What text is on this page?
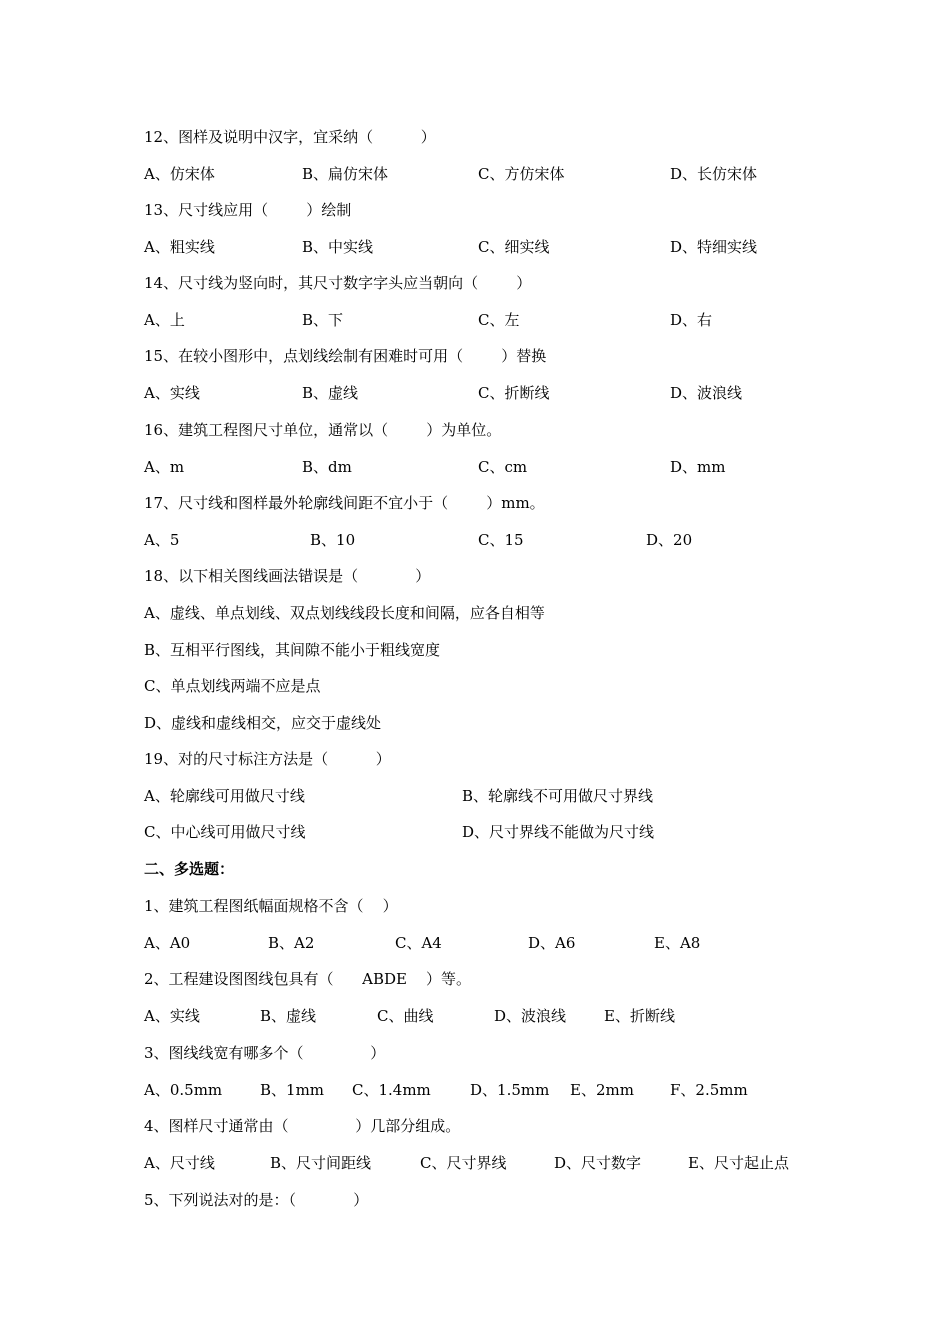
12、图样及说明中汉字，宜采纳（          ）
A、仿宋体	B、扁仿宋体	C、方仿宋体	D、长仿宋体
13、尺寸线应用（        ）绘制
A、粗实线	B、中实线	C、细实线	D、特细实线
14、尺寸线为竖向时，其尺寸数字字头应当朝向（        ）
A、上	B、下	C、左	D、右
15、在较小图形中，点划线绘制有困难时可用（        ）替换
A、实线	B、虚线	C、折断线	D、波浪线
16、建筑工程图尺寸单位，通常以（        ）为单位。
A、m	B、dm	C、cm	D、mm
17、尺寸线和图样最外轮廓线间距不宜小于（        ）mm。
A、5	B、10	C、15	D、20
18、以下相关图线画法错误是（            ）
A、虚线、单点划线、双点划线线段长度和间隔，应各自相等
B、互相平行图线，其间隙不能小于粗线宽度
C、单点划线两端不应是点
D、虚线和虚线相交，应交于虚线处
19、对的尺寸标注方法是（          ）
A、轮廓线可用做尺寸线	B、轮廓线不可用做尺寸界线
C、中心线可用做尺寸线	D、尺寸界线不能做为尺寸线
二、多选题：
1、建筑工程图纸幅面规格不含（    ）
A、A0	B、A2	C、A4	D、A6	E、A8
2、工程建设图图线包具有（      ABDE    ）等。
A、实线	B、虚线	C、曲线	D、波浪线	E、折断线
3、图线线宽有哪多个（              ）
A、0.5mm	B、1mm C、1.4mm	D、1.5mm E、2mm F、2.5mm
4、图样尺寸通常由（              ）几部分组成。
A、尺寸线	B、尺寸间距线	C、尺寸界线	D、尺寸数字	E、尺寸起止点
5、下列说法对的是：（            ）
